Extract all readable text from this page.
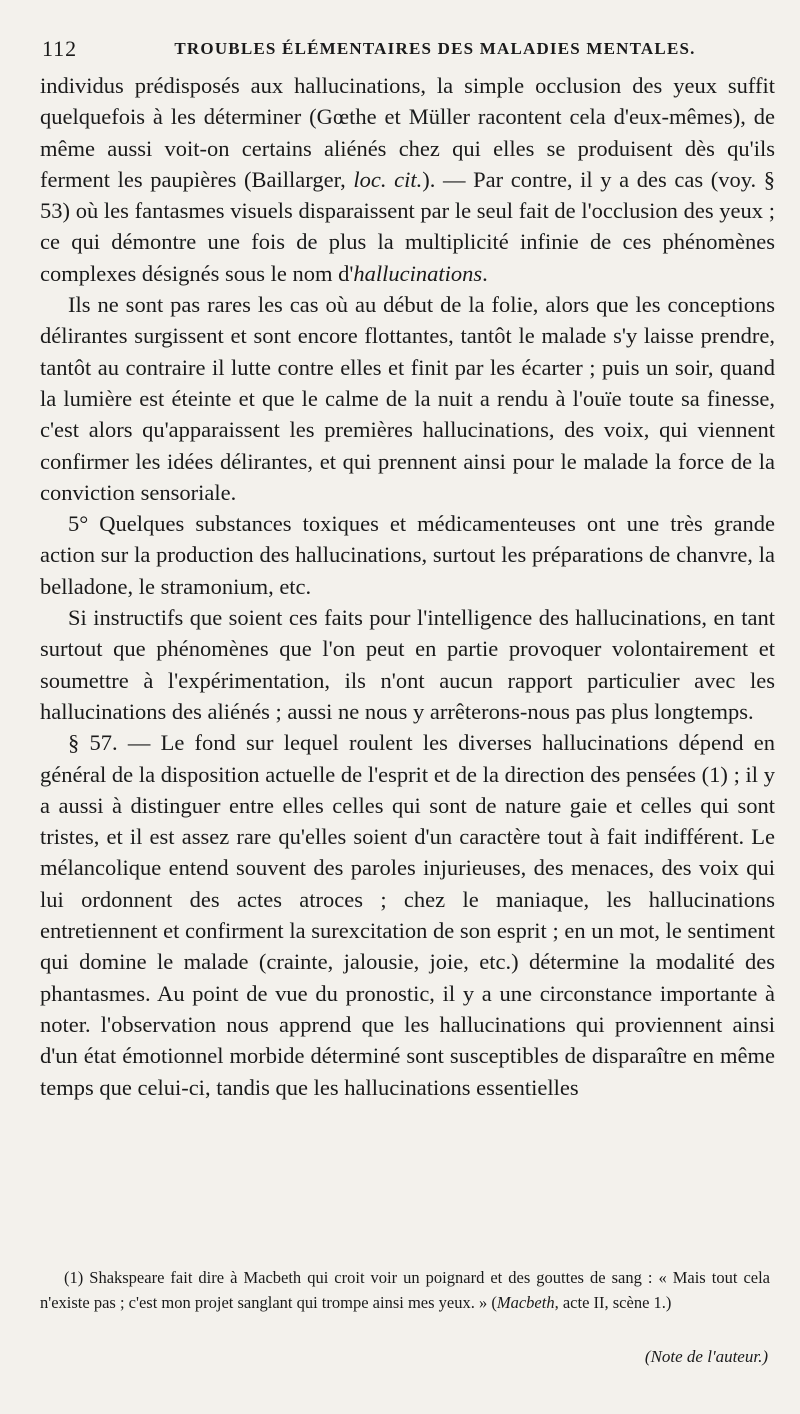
112	TROUBLES ÉLÉMENTAIRES DES MALADIES MENTALES.

individus prédisposés aux hallucinations, la simple occlusion des yeux suffit quelquefois à les déterminer (Gœthe et Müller racontent cela d'eux-mêmes), de même aussi voit-on certains aliénés chez qui elles se produisent dès qu'ils ferment les paupières (Baillarger, loc. cit.). — Par contre, il y a des cas (voy. § 53) où les fantasmes visuels disparaissent par le seul fait de l'occlusion des yeux ; ce qui démontre une fois de plus la multiplicité infinie de ces phénomènes complexes désignés sous le nom d'hallucinations.

Ils ne sont pas rares les cas où au début de la folie, alors que les conceptions délirantes surgissent et sont encore flottantes, tantôt le malade s'y laisse prendre, tantôt au contraire il lutte contre elles et finit par les écarter ; puis un soir, quand la lumière est éteinte et que le calme de la nuit a rendu à l'ouïe toute sa finesse, c'est alors qu'apparaissent les premières hallucinations, des voix, qui viennent confirmer les idées délirantes, et qui prennent ainsi pour le malade la force de la conviction sensoriale.

5° Quelques substances toxiques et médicamenteuses ont une très grande action sur la production des hallucinations, surtout les préparations de chanvre, la belladone, le stramonium, etc.

Si instructifs que soient ces faits pour l'intelligence des hallucinations, en tant surtout que phénomènes que l'on peut en partie provoquer volontairement et soumettre à l'expérimentation, ils n'ont aucun rapport particulier avec les hallucinations des aliénés ; aussi ne nous y arrêterons-nous pas plus longtemps.

§ 57. — Le fond sur lequel roulent les diverses hallucinations dépend en général de la disposition actuelle de l'esprit et de la direction des pensées (1) ; il y a aussi à distinguer entre elles celles qui sont de nature gaie et celles qui sont tristes, et il est assez rare qu'elles soient d'un caractère tout à fait indifférent. Le mélancolique entend souvent des paroles injurieuses, des menaces, des voix qui lui ordonnent des actes atroces ; chez le maniaque, les hallucinations entretiennent et confirment la surexcitation de son esprit ; en un mot, le sentiment qui domine le malade (crainte, jalousie, joie, etc.) détermine la modalité des phantasmes. Au point de vue du pronostic, il y a une circonstance importante à noter. l'observation nous apprend que les hallucinations qui proviennent ainsi d'un état émotionnel morbide déterminé sont susceptibles de disparaître en même temps que celui-ci, tandis que les hallucinations essentielles

(1) Shakspeare fait dire à Macbeth qui croit voir un poignard et des gouttes de sang : « Mais tout cela n'existe pas ; c'est mon projet sanglant qui trompe ainsi mes yeux. » (Macbeth, acte II, scène 1.)

(Note de l'auteur.)
